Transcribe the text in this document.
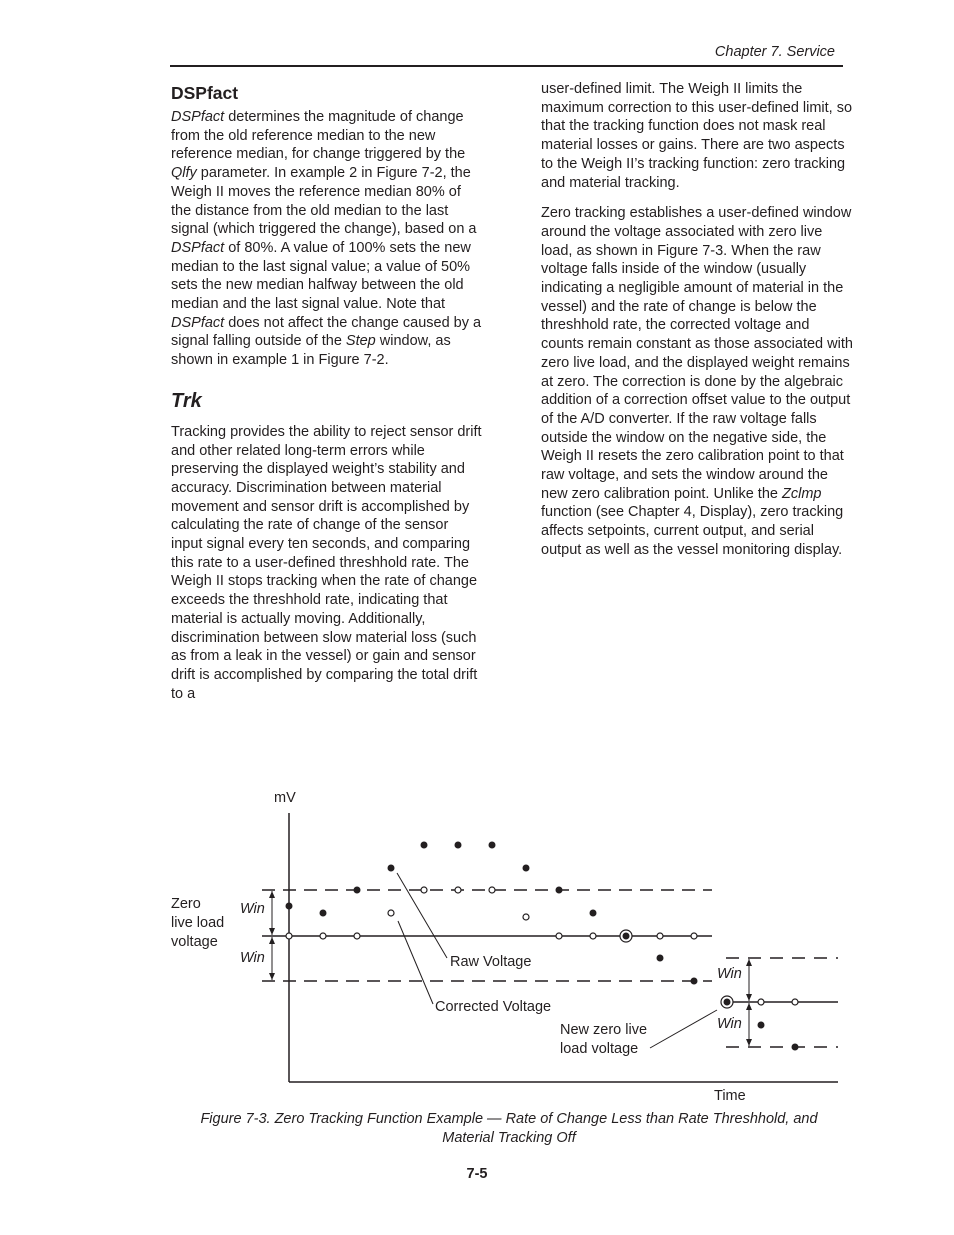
Chapter 7. Service
DSPfact

DSPfact determines the magnitude of change from the old reference median to the new reference median, for change triggered by the Qlfy parameter. In example 2 in Figure 7-2, the Weigh II moves the reference median 80% of the distance from the old median to the last signal (which triggered the change), based on a DSPfact of 80%. A value of 100% sets the new median to the last signal value; a value of 50% sets the new median halfway between the old median and the last signal value. Note that DSPfact does not affect the change caused by a signal falling outside of the Step window, as shown in example 1 in Figure 7-2.

Trk

Tracking provides the ability to reject sensor drift and other related long-term errors while preserving the displayed weight’s stability and accuracy. Discrimination between material movement and sensor drift is accomplished by calculating the rate of change of the sensor input signal every ten seconds, and comparing this rate to a user-defined threshhold rate. The Weigh II stops tracking when the rate of change exceeds the threshhold rate, indicating that material is actually moving. Additionally, discrimination between slow material loss (such as from a leak in the vessel) or gain and sensor drift is accomplished by comparing the total drift to a

user-defined limit. The Weigh II limits the maximum correction to this user-defined limit, so that the tracking function does not mask real material losses or gains. There are two aspects to the Weigh II’s tracking function: zero tracking and material tracking.

Zero tracking establishes a user-defined window around the voltage associated with zero live load, as shown in Figure 7-3. When the raw voltage falls inside of the window (usually indicating a negligible amount of material in the vessel) and the rate of change is below the threshhold rate, the corrected voltage and counts remain constant as those associated with zero live load, and the displayed weight remains at zero. The correction is done by the algebraic addition of a correction offset value to the output of the A/D converter. If the raw voltage falls outside the window on the negative side, the Weigh II resets the zero calibration point to that raw voltage, and sets the window around the new zero calibration point. Unlike the Zclmp function (see Chapter 4, Display), zero tracking affects setpoints, current output, and serial output as well as the vessel monitoring display.

mV
Zero
live load
voltage
Win
Win
Win
Win
Raw Voltage
Corrected Voltage
New zero live
load voltage
Time
Figure 7-3. Zero Tracking Function Example — Rate of Change Less than Rate Threshhold, and
Material Tracking Off
7-5
